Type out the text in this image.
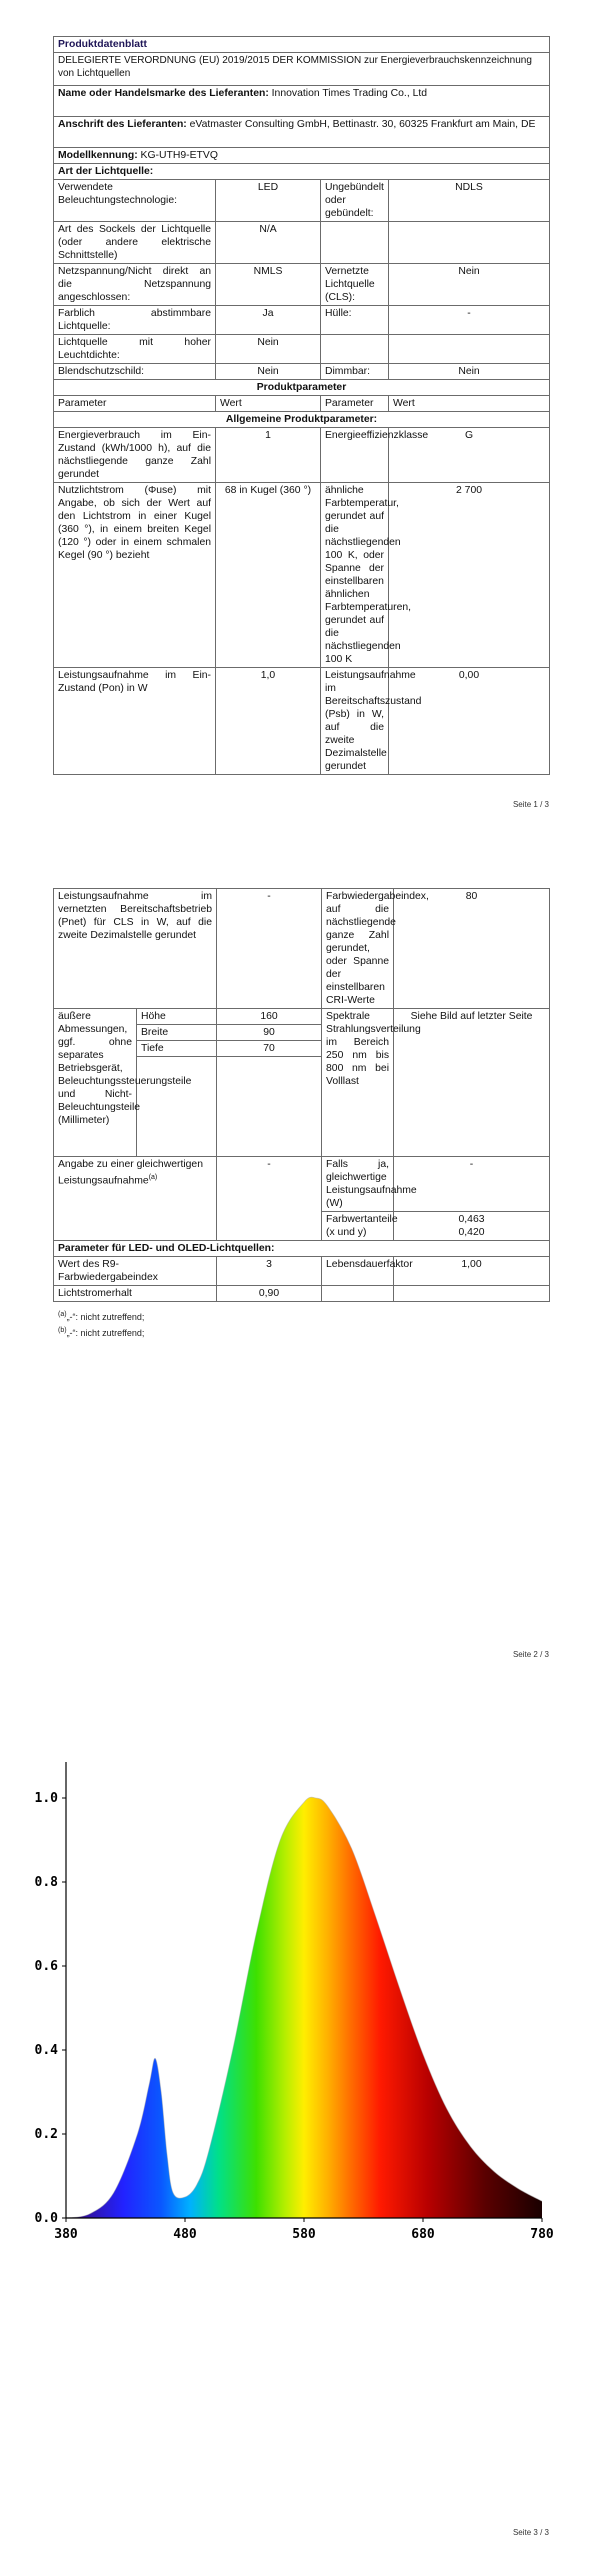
Produktdatenblatt			
DELEGIERTE VERORDNUNG (EU) 2019/2015 DER KOMMISSION zur Energieverbrauchskennzeichnung von Lichtquellen			
Name oder Handelsmarke des Lieferanten: Innovation Times Trading Co., Ltd			
Anschrift des Lieferanten: eVatmaster Consulting GmbH, Bettinastr. 30, 60325 Frankfurt am Main, DE			
Modellkennung: KG-UTH9-ETVQ			
Art der Lichtquelle:			
Verwendete Beleuchtungstechnologie:	LED	Ungebündelt oder gebündelt:	NDLS
Art des Sockels der Lichtquelle (oder andere elektrische Schnittstelle)	N/A		
Netzspannung/Nicht direkt an die Netzspannung angeschlossen:	NMLS	Vernetzte Lichtquelle (CLS):	Nein
Farblich abstimmbare Lichtquelle:	Ja	Hülle:	-
Lichtquelle mit hoher Leuchtdichte:	Nein		
Blendschutzschild:	Nein	Dimmbar:	Nein
Produktparameter			
Parameter	Wert	Parameter	Wert
Allgemeine Produktparameter:			
Energieverbrauch im Ein-Zustand (kWh/1000 h), auf die nächstliegende ganze Zahl gerundet	1	Energieeffizienzklasse	G
Nutzlichtstrom (Φuse) mit Angabe, ob sich der Wert auf den Lichtstrom in einer Kugel (360 °), in einem breiten Kegel (120 °) oder in einem schmalen Kegel (90 °) bezieht	68 in Kugel (360 °)	ähnliche Farbtemperatur, gerundet auf die nächstliegenden 100 K, oder Spanne der einstellbaren ähnlichen Farbtemperaturen, gerundet auf die nächstliegenden 100 K	2 700
Leistungsaufnahme im Ein-Zustand (Pon) in W	1,0	Leistungsaufnahme im Bereitschaftszustand (Psb) in W, auf die zweite Dezimalstelle gerundet	0,00
Seite 1 / 3
Leistungsaufnahme im vernetzten Bereitschaftsbetrieb (Pnet) für CLS in W, auf die zweite Dezimalstelle gerundet		-	Farbwiedergabeindex, auf die nächstliegende ganze Zahl gerundet, oder Spanne der einstellbaren CRI-Werte	80
äußere Abmessungen, ggf. ohne separates Betriebsgerät, Beleuchtungssteuerungsteile und Nicht-Beleuchtungsteile (Millimeter)	Höhe	160	Spektrale Strahlungsverteilung im Bereich 250 nm bis 800 nm bei Volllast	Siehe Bild auf letzter Seite
	Breite	90		
	Tiefe	70		

Angabe zu einer gleichwertigen Leistungsaufnahme$^{(a)}$		-	Falls ja, gleichwertige Leistungsaufnahme (W)	-
			Farbwertanteile (x und y)	0,463
0,420

Parameter für LED- und OLED-Lichtquellen:				
Wert des R9-Farbwiedergabeindex		3	Lebensdauerfaktor	1,00
Lichtstromerhalt		0,90		
$^{(a)}$„-“: nicht zutreffend;
$^{(b)}$„-“: nicht zutreffend;
Seite 2 / 3
0.0
0.2
0.4
0.6
0.8
1.0
380	480	580	680	780
Seite 3 / 3
